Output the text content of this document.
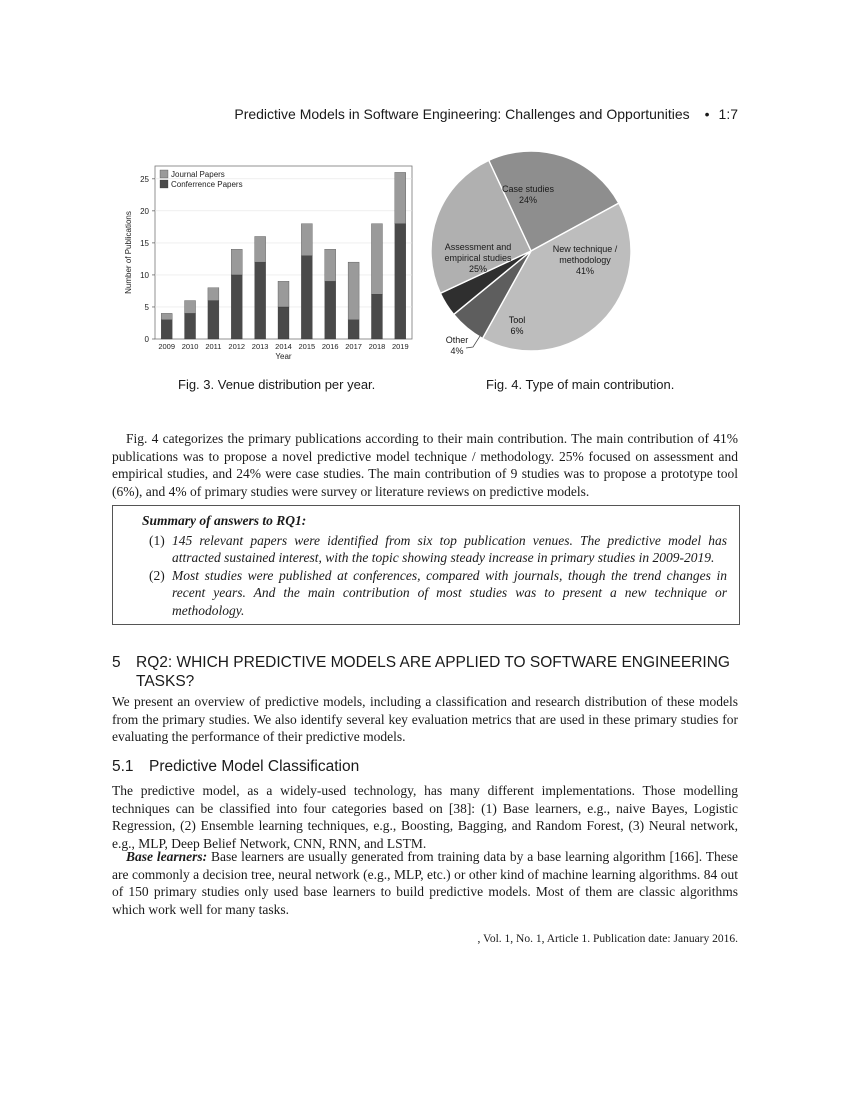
Predictive Models in Software Engineering: Challenges and Opportunities • 1:7
0
5
10
15
20
25
2009 2010 2011 2012 2013 2014 2015 2016 2017 2018 2019
Year
Number of Publications
Journal Papers
Conferrence Papers	Case studies
24%
New technique /
methodology
41%
Tool
6%
Other
4%
Assessment and
empirical studies
25%
Fig. 3. Venue distribution per year.	Fig. 4. Type of main contribution.

Fig. 4 categorizes the primary publications according to their main contribution. The main contribution of 41% publications was to propose a novel predictive model technique / methodology. 25% focused on assessment and empirical studies, and 24% were case studies. The main contribution of 9 studies was to propose a prototype tool (6%), and 4% of primary studies were survey or literature reviews on predictive models.

Summary of answers to RQ1:
(1) 145 relevant papers were identified from six top publication venues. The predictive model has attracted sustained interest, with the topic showing steady increase in primary studies in 2009-2019.
(2) Most studies were published at conferences, compared with journals, though the trend changes in recent years. And the main contribution of most studies was to present a new technique or methodology.
5 RQ2: WHICH PREDICTIVE MODELS ARE APPLIED TO SOFTWARE ENGINEERING
TASKS?

We present an overview of predictive models, including a classification and research distribution of these models from the primary studies. We also identify several key evaluation metrics that are used in these primary studies for evaluating the performance of their predictive models.

5.1 Predictive Model Classification

The predictive model, as a widely-used technology, has many different implementations. Those modelling techniques can be classified into four categories based on [38]: (1) Base learners, e.g., naive Bayes, Logistic Regression, (2) Ensemble learning techniques, e.g., Boosting, Bagging, and Random Forest, (3) Neural network, e.g., MLP, Deep Belief Network, CNN, RNN, and LSTM.

Base learners: Base learners are usually generated from training data by a base learning algorithm [166]. These are commonly a decision tree, neural network (e.g., MLP, etc.) or other kind of machine learning algorithms. 84 out of 150 primary studies only used base learners to build predictive models. Most of them are classic algorithms which work well for many tasks.

, Vol. 1, No. 1, Article 1. Publication date: January 2016.
